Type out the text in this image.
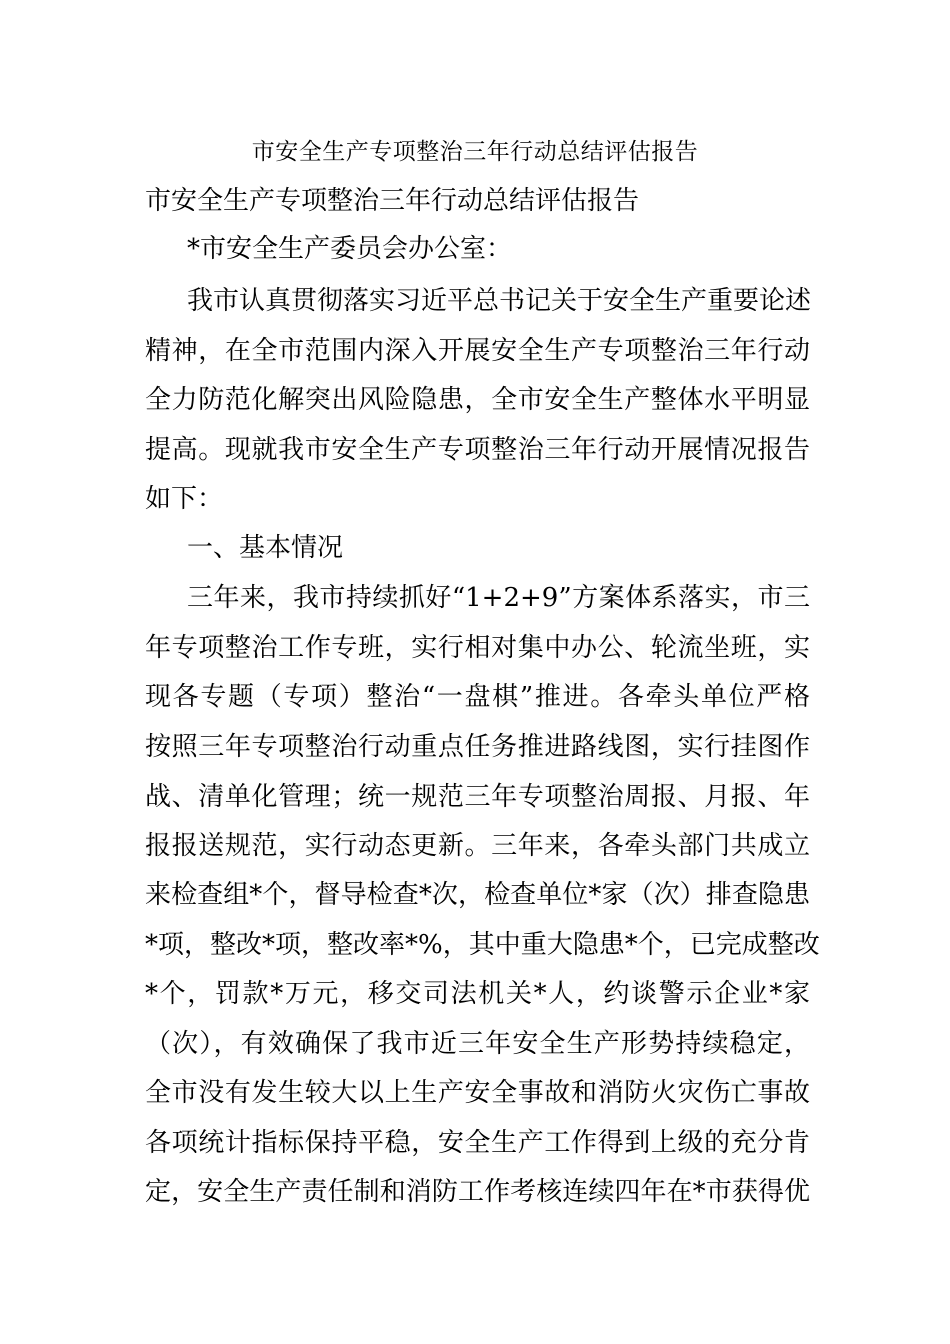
市安全生产专项整治三年行动总结评估报告
市安全生产专项整治三年行动总结评估报告
*市安全生产委员会办公室：
我市认真贯彻落实习近平总书记关于安全生产重要论述
精神，在全市范围内深入开展安全生产专项整治三年行动
全力防范化解突出风险隐患，全市安全生产整体水平明显
提高。现就我市安全生产专项整治三年行动开展情况报告
如下：
一、基本情况
三年来，我市持续抓好“1+2+9”方案体系落实，市三
年专项整治工作专班，实行相对集中办公、轮流坐班，实
现各专题（专项）整治“一盘棋”推进。各牵头单位严格
按照三年专项整治行动重点任务推进路线图，实行挂图作
战、清单化管理；统一规范三年专项整治周报、月报、年
报报送规范，实行动态更新。三年来，各牵头部门共成立
来检查组*个，督导检查*次，检查单位*家（次）排查隐患
*项，整改*项，整改率*%，其中重大隐患*个，已完成整改
*个，罚款*万元，移交司法机关*人，约谈警示企业*家
（次），有效确保了我市近三年安全生产形势持续稳定，
全市没有发生较大以上生产安全事故和消防火灾伤亡事故
各项统计指标保持平稳，安全生产工作得到上级的充分肯
定，安全生产责任制和消防工作考核连续四年在*市获得优
